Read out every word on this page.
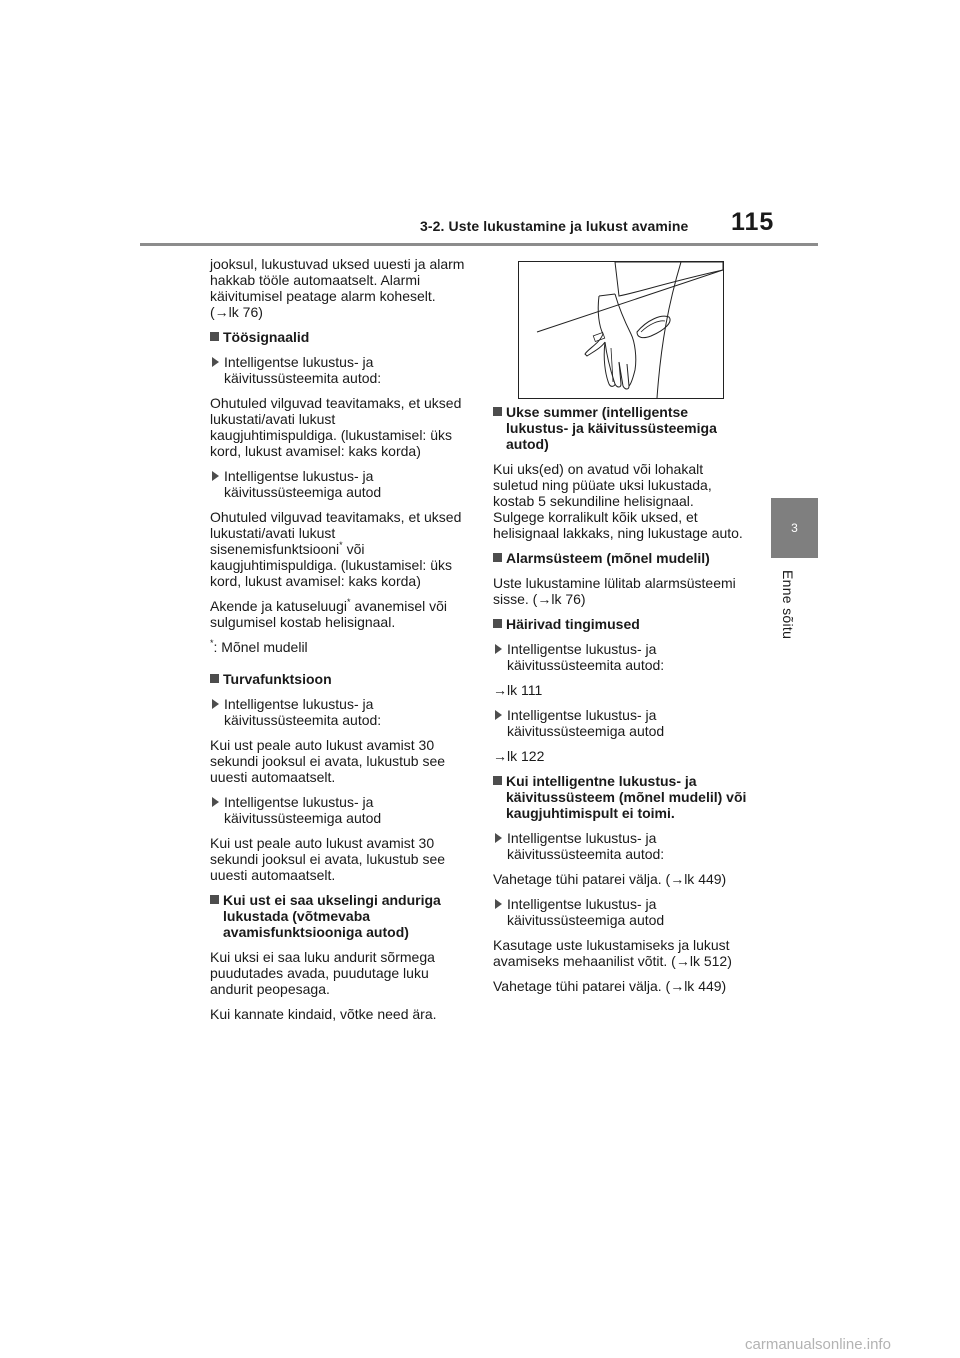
3-2. Uste lukustamine ja lukust avamine 115
3
Enne sõitu

jooksul, lukustuvad uksed uuesti ja alarm hakkab tööle automaatselt. Alarmi käivitumisel peatage alarm koheselt. (→lk 76)

Töösignaalid
Intelligentse lukustus- ja käivitussüsteemita autod:

Ohutuled vilguvad teavitamaks, et uksed lukustati/avati lukust kaugjuhtimispuldiga. (lukustamisel: üks kord, lukust avamisel: kaks korda)

Intelligentse lukustus- ja käivitussüsteemiga autod

Ohutuled vilguvad teavitamaks, et uksed lukustati/avati lukust sisenemisfunktsiooni* või kaugjuhtimispuldiga. (lukustamisel: üks kord, lukust avamisel: kaks korda)

Akende ja katuseluugi* avanemisel või sulgumisel kostab helisignaal.

*: Mõnel mudelil

Turvafunktsioon
Intelligentse lukustus- ja käivitussüsteemita autod:

Kui ust peale auto lukust avamist 30 sekundi jooksul ei avata, lukustub see uuesti automaatselt.

Intelligentse lukustus- ja käivitussüsteemiga autod

Kui ust peale auto lukust avamist 30 sekundi jooksul ei avata, lukustub see uuesti automaatselt.

Kui ust ei saa ukselingi anduriga lukustada (võtmevaba avamisfunktsiooniga autod)

Kui uksi ei saa luku andurit sõrmega puudutades avada, puudutage luku andurit peopesaga.

Kui kannate kindaid, võtke need ära.

Ukse summer (intelligentse lukustus- ja käivitussüsteemiga autod)

Kui uks(ed) on avatud või lohakalt suletud ning püüate uksi lukustada, kostab 5 sekundiline helisignaal. Sulgege korralikult kõik uksed, et helisignaal lakkaks, ning lukustage auto.

Alarmsüsteem (mõnel mudelil)

Uste lukustamine lülitab alarmsüsteemi sisse. (→lk 76)

Häirivad tingimused
Intelligentse lukustus- ja käivitussüsteemita autod:

→lk 111

Intelligentse lukustus- ja käivitussüsteemiga autod

→lk 122

Kui intelligentne lukustus- ja käivitussüsteem (mõnel mudelil) või kaugjuhtimispult ei toimi.
Intelligentse lukustus- ja käivitussüsteemita autod:

Vahetage tühi patarei välja. (→lk 449)

Intelligentse lukustus- ja käivitussüsteemiga autod

Kasutage uste lukustamiseks ja lukust avamiseks mehaanilist võtit. (→lk 512)

Vahetage tühi patarei välja. (→lk 449)

carmanualsonline.info
